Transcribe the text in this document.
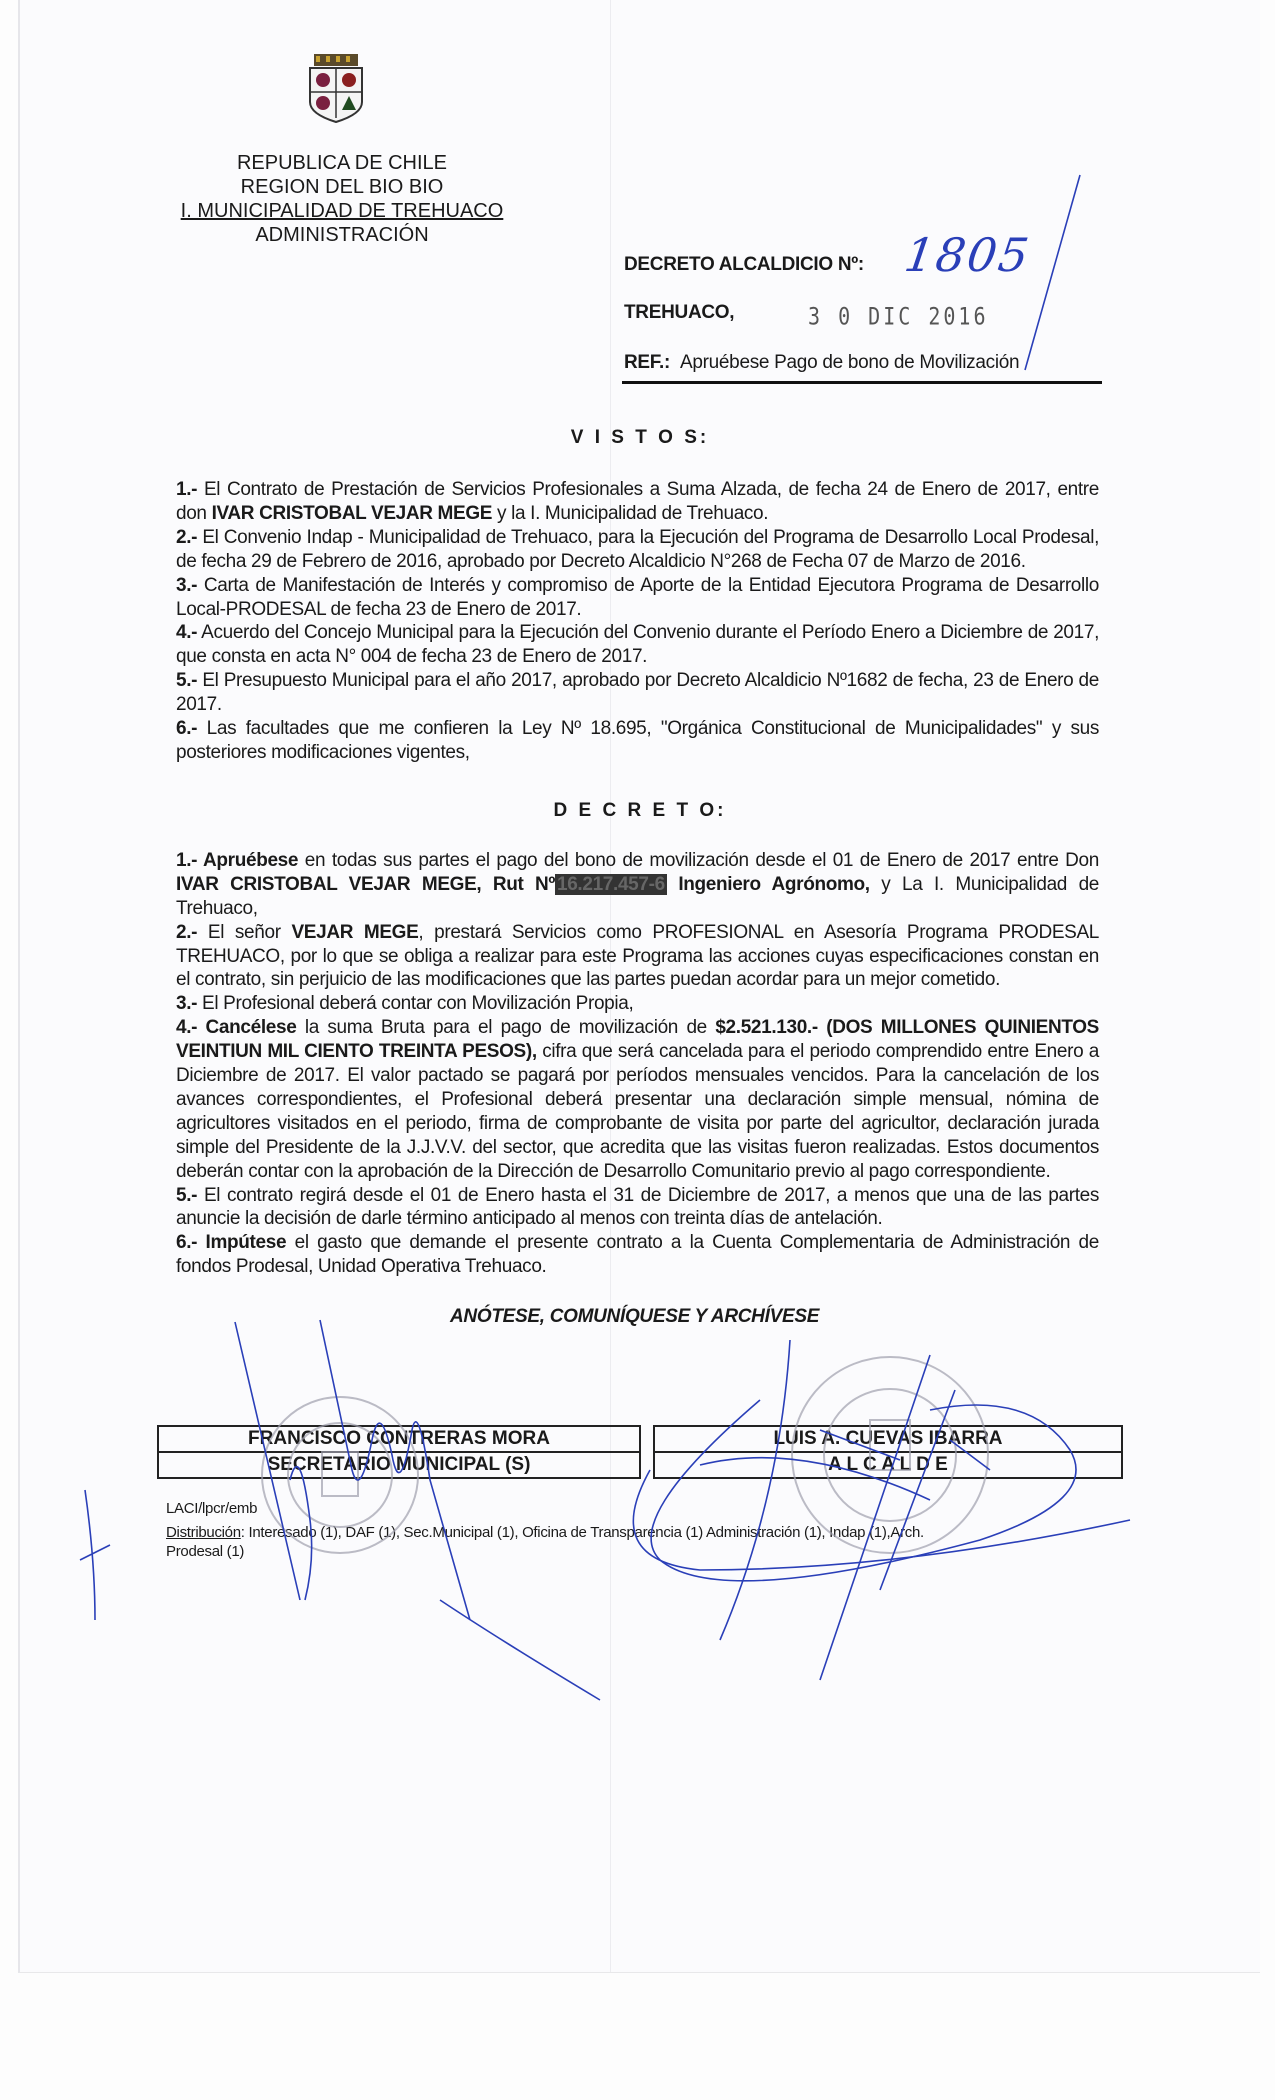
REPUBLICA DE CHILE
REGION DEL BIO BIO
I. MUNICIPALIDAD DE TREHUACO
ADMINISTRACIÓN
DECRETO ALCALDICIO Nº: 1805
TREHUACO,	3 0 DIC 2016
REF.: Apruébese Pago de bono de Movilización
V I S T O S:

1.- El Contrato de Prestación de Servicios Profesionales a Suma Alzada, de fecha 24 de Enero de 2017, entre don IVAR CRISTOBAL VEJAR MEGE y la I. Municipalidad de Trehuaco.

2.- El Convenio Indap - Municipalidad de Trehuaco, para la Ejecución del Programa de Desarrollo Local Prodesal, de fecha 29 de Febrero de 2016, aprobado por Decreto Alcaldicio N°268 de Fecha 07 de Marzo de 2016.

3.- Carta de Manifestación de Interés y compromiso de Aporte de la Entidad Ejecutora Programa de Desarrollo Local-PRODESAL de fecha 23 de Enero de 2017.

4.- Acuerdo del Concejo Municipal para la Ejecución del Convenio durante el Período Enero a Diciembre de 2017, que consta en acta N° 004 de fecha 23 de Enero de 2017.

5.- El Presupuesto Municipal para el año 2017, aprobado por Decreto Alcaldicio Nº1682 de fecha, 23 de Enero de 2017.

6.- Las facultades que me confieren la Ley Nº 18.695, "Orgánica Constitucional de Municipalidades" y sus posteriores modificaciones vigentes,

D E C R E T O:

1.- Apruébese en todas sus partes el pago del bono de movilización desde el 01 de Enero de 2017 entre Don IVAR CRISTOBAL VEJAR MEGE, Rut Nº 16.217.457-6 Ingeniero Agrónomo, y La I. Municipalidad de Trehuaco,

2.- El señor VEJAR MEGE, prestará Servicios como PROFESIONAL en Asesoría Programa PRODESAL TREHUACO, por lo que se obliga a realizar para este Programa las acciones cuyas especificaciones constan en el contrato, sin perjuicio de las modificaciones que las partes puedan acordar para un mejor cometido.

3.- El Profesional deberá contar con Movilización Propia,

4.- Cancélese la suma Bruta para el pago de movilización de $2.521.130.- (DOS MILLONES QUINIENTOS VEINTIUN MIL CIENTO TREINTA PESOS), cifra que será cancelada para el periodo comprendido entre Enero a Diciembre de 2017. El valor pactado se pagará por períodos mensuales vencidos. Para la cancelación de los avances correspondientes, el Profesional deberá presentar una declaración simple mensual, nómina de agricultores visitados en el periodo, firma de comprobante de visita por parte del agricultor, declaración jurada simple del Presidente de la J.J.V.V. del sector, que acredita que las visitas fueron realizadas. Estos documentos deberán contar con la aprobación de la Dirección de Desarrollo Comunitario previo al pago correspondiente.

5.- El contrato regirá desde el 01 de Enero hasta el 31 de Diciembre de 2017, a menos que una de las partes anuncie la decisión de darle término anticipado al menos con treinta días de antelación.

6.- Impútese el gasto que demande el presente contrato a la Cuenta Complementaria de Administración de fondos Prodesal, Unidad Operativa Trehuaco.

ANÓTESE, COMUNÍQUESE Y ARCHÍVESE
FRANCISCO CONTRERAS MORA
SECRETARIO MUNICIPAL (S)
LUIS A. CUEVAS IBARRA
A L C A L D E
LACI/lpcr/emb
Distribución: Interesado (1), DAF (1), Sec.Municipal (1), Oficina de Transparencia (1) Administración (1), Indap (1),Arch.
Prodesal (1)
